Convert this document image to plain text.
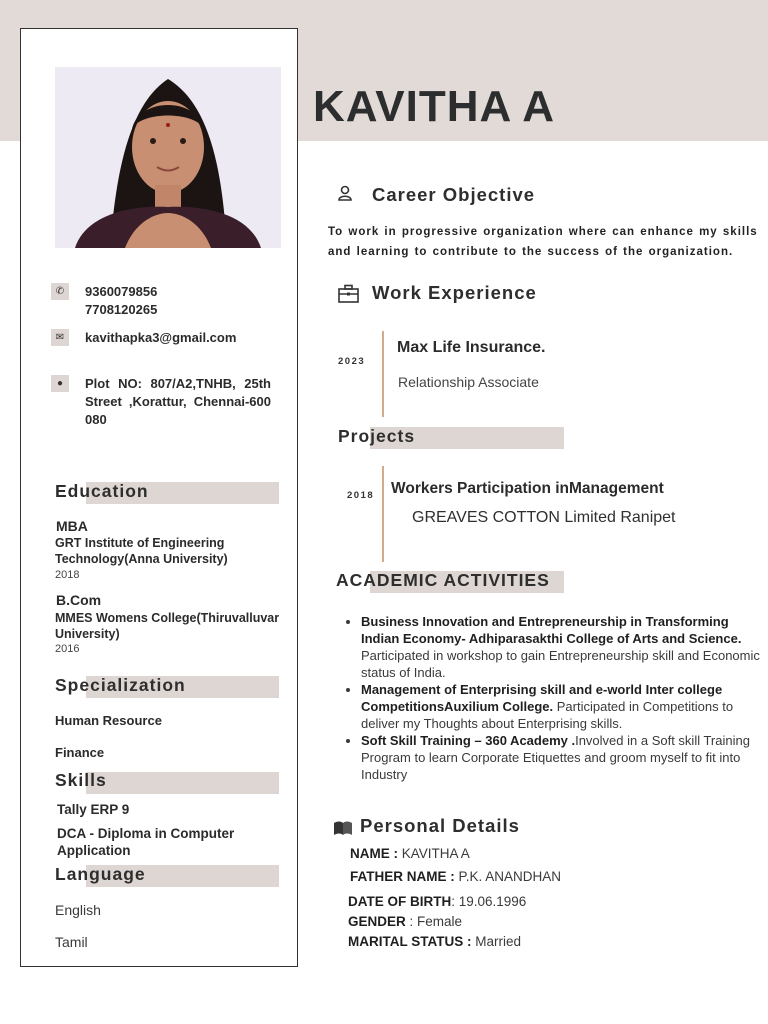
KAVITHA A
✆	9360079856
7708120265
✉	kavithapka3@gmail.com
●	Plot NO: 807/A2,TNHB, 25th Street ,Korattur, Chennai-600 080
Education
MBA
GRT Institute of Engineering Technology(Anna University)
2018
B.Com
MMES Womens College(Thiruvalluvar University)
2016
Specialization
Human Resource
Finance
Skills
Tally ERP 9
DCA - Diploma in Computer Application
Language
English
Tamil
Career Objective
To work in progressive organization where can enhance my skills and learning to contribute to the success of the organization.
Work Experience
2023
Max Life Insurance.
Relationship Associate
Projects
2018 Workers Participation inManagement
GREAVES COTTON Limited Ranipet
ACADEMIC ACTIVITIES
• Business Innovation and Entrepreneurship in Transforming Indian Economy- Adhiparasakthi College of Arts and Science. Participated in workshop to gain Entrepreneurship skill and Economic status of India.
• Management of Enterprising skill and e-world Inter college CompetitionsAuxilium College. Participated in Competitions to deliver my Thoughts about Enterprising skills.
• Soft Skill Training – 360 Academy .Involved in a Soft skill Training Program to learn Corporate Etiquettes and groom myself to fit into Industry
Personal Details
NAME : KAVITHA A
FATHER NAME : P.K. ANANDHAN
DATE OF BIRTH: 19.06.1996
GENDER : Female
MARITAL STATUS : Married
